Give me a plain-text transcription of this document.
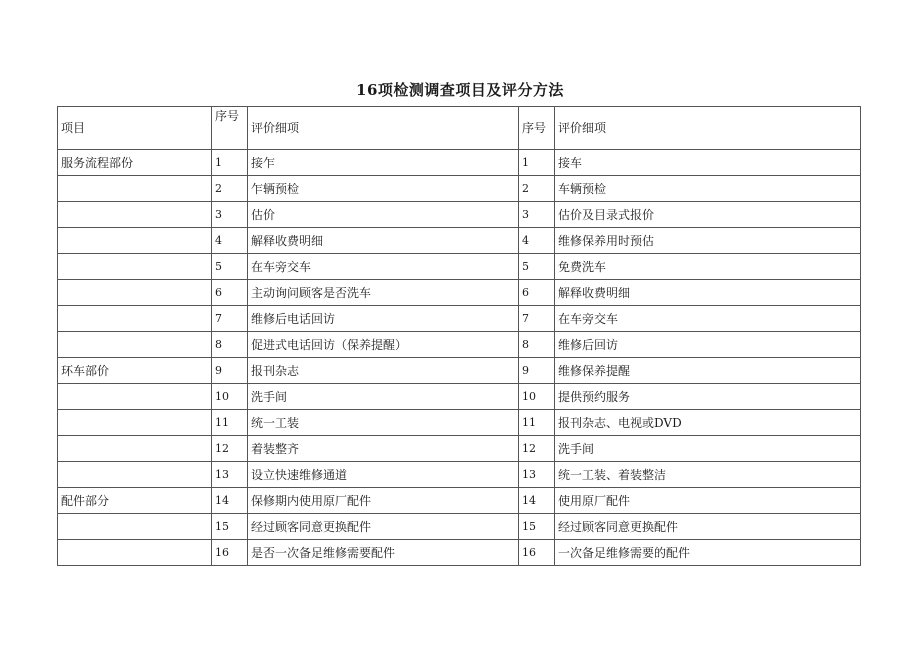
16项检测调查项目及评分方法
项目	序号	评价细项	序号	评价细项
服务流程部份	1	接乍	1	接车
	2	乍辆预检	2	车辆预检
	3	估价	3	估价及目录式报价
	4	解释收费明细	4	维修保养用时预估
	5	在车旁交车	5	免费洗车
	6	主动询问顾客是否洗车	6	解释收费明细
	7	维修后电话回访	7	在车旁交车
	8	促进式电话回访（保养提醒）	8	维修后回访
环车部价	9	报刊杂志	9	维修保养提醒
	10	洗手间	10	提供预约服务
	11	统一工装	11	报刊杂志、电视或DVD
	12	着装整齐	12	洗手间
	13	设立快速维修通道	13	统一工装、着装整洁
配件部分	14	保修期内使用原厂配件	14	使用原厂配件
	15	经过顾客同意更换配件	15	经过顾客同意更换配件
	16	是否一次备足维修需要配件	16	一次备足维修需要的配件
